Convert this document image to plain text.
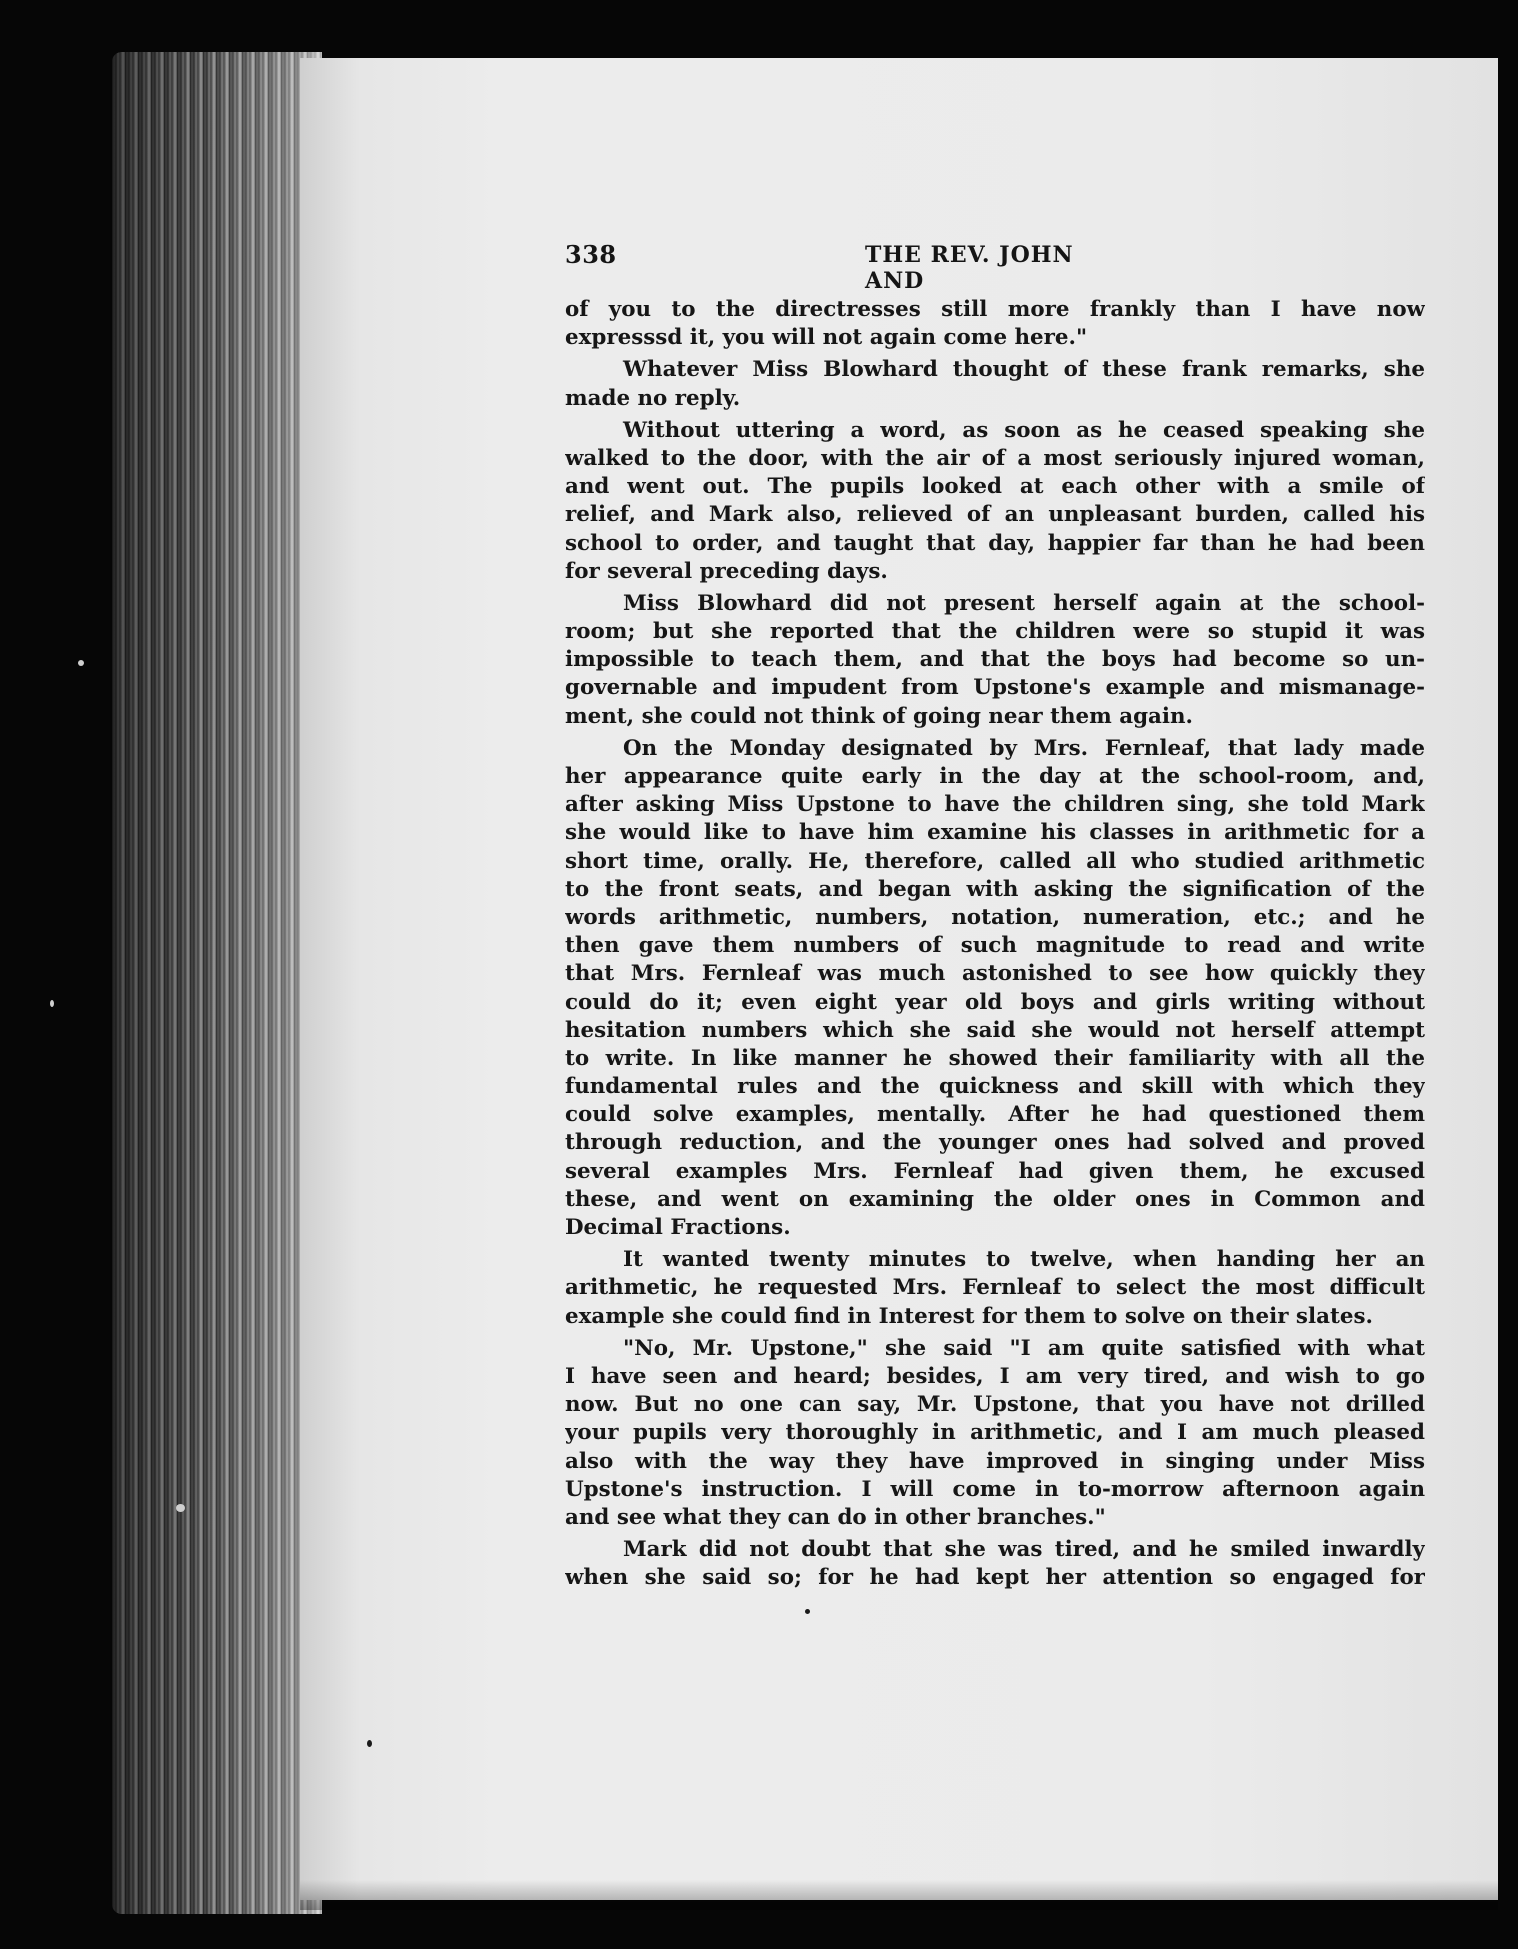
338	THE REV. JOHN AND
of you to the directresses still more frankly than I have now
expresssd it, you will not again come here."
Whatever Miss Blowhard thought of these frank remarks, she
made no reply.
Without uttering a word, as soon as he ceased speaking she
walked to the door, with the air of a most seriously injured woman,
and went out. The pupils looked at each other with a smile of
relief, and Mark also, relieved of an unpleasant burden, called his
school to order, and taught that day, happier far than he had been
for several preceding days.
Miss Blowhard did not present herself again at the school-
room; but she reported that the children were so stupid it was
impossible to teach them, and that the boys had become so un-
governable and impudent from Upstone's example and mismanage-
ment, she could not think of going near them again.
On the Monday designated by Mrs. Fernleaf, that lady made
her appearance quite early in the day at the school-room, and,
after asking Miss Upstone to have the children sing, she told Mark
she would like to have him examine his classes in arithmetic for a
short time, orally. He, therefore, called all who studied arithmetic
to the front seats, and began with asking the signification of the
words arithmetic, numbers, notation, numeration, etc.; and he
then gave them numbers of such magnitude to read and write
that Mrs. Fernleaf was much astonished to see how quickly they
could do it; even eight year old boys and girls writing without
hesitation numbers which she said she would not herself attempt
to write. In like manner he showed their familiarity with all the
fundamental rules and the quickness and skill with which they
could solve examples, mentally. After he had questioned them
through reduction, and the younger ones had solved and proved
several examples Mrs. Fernleaf had given them, he excused
these, and went on examining the older ones in Common and
Decimal Fractions.
It wanted twenty minutes to twelve, when handing her an
arithmetic, he requested Mrs. Fernleaf to select the most difficult
example she could find in Interest for them to solve on their slates.
"No, Mr. Upstone," she said "I am quite satisfied with what
I have seen and heard; besides, I am very tired, and wish to go
now. But no one can say, Mr. Upstone, that you have not drilled
your pupils very thoroughly in arithmetic, and I am much pleased
also with the way they have improved in singing under Miss
Upstone's instruction. I will come in to-morrow afternoon again
and see what they can do in other branches."
Mark did not doubt that she was tired, and he smiled inwardly
when she said so; for he had kept her attention so engaged for
